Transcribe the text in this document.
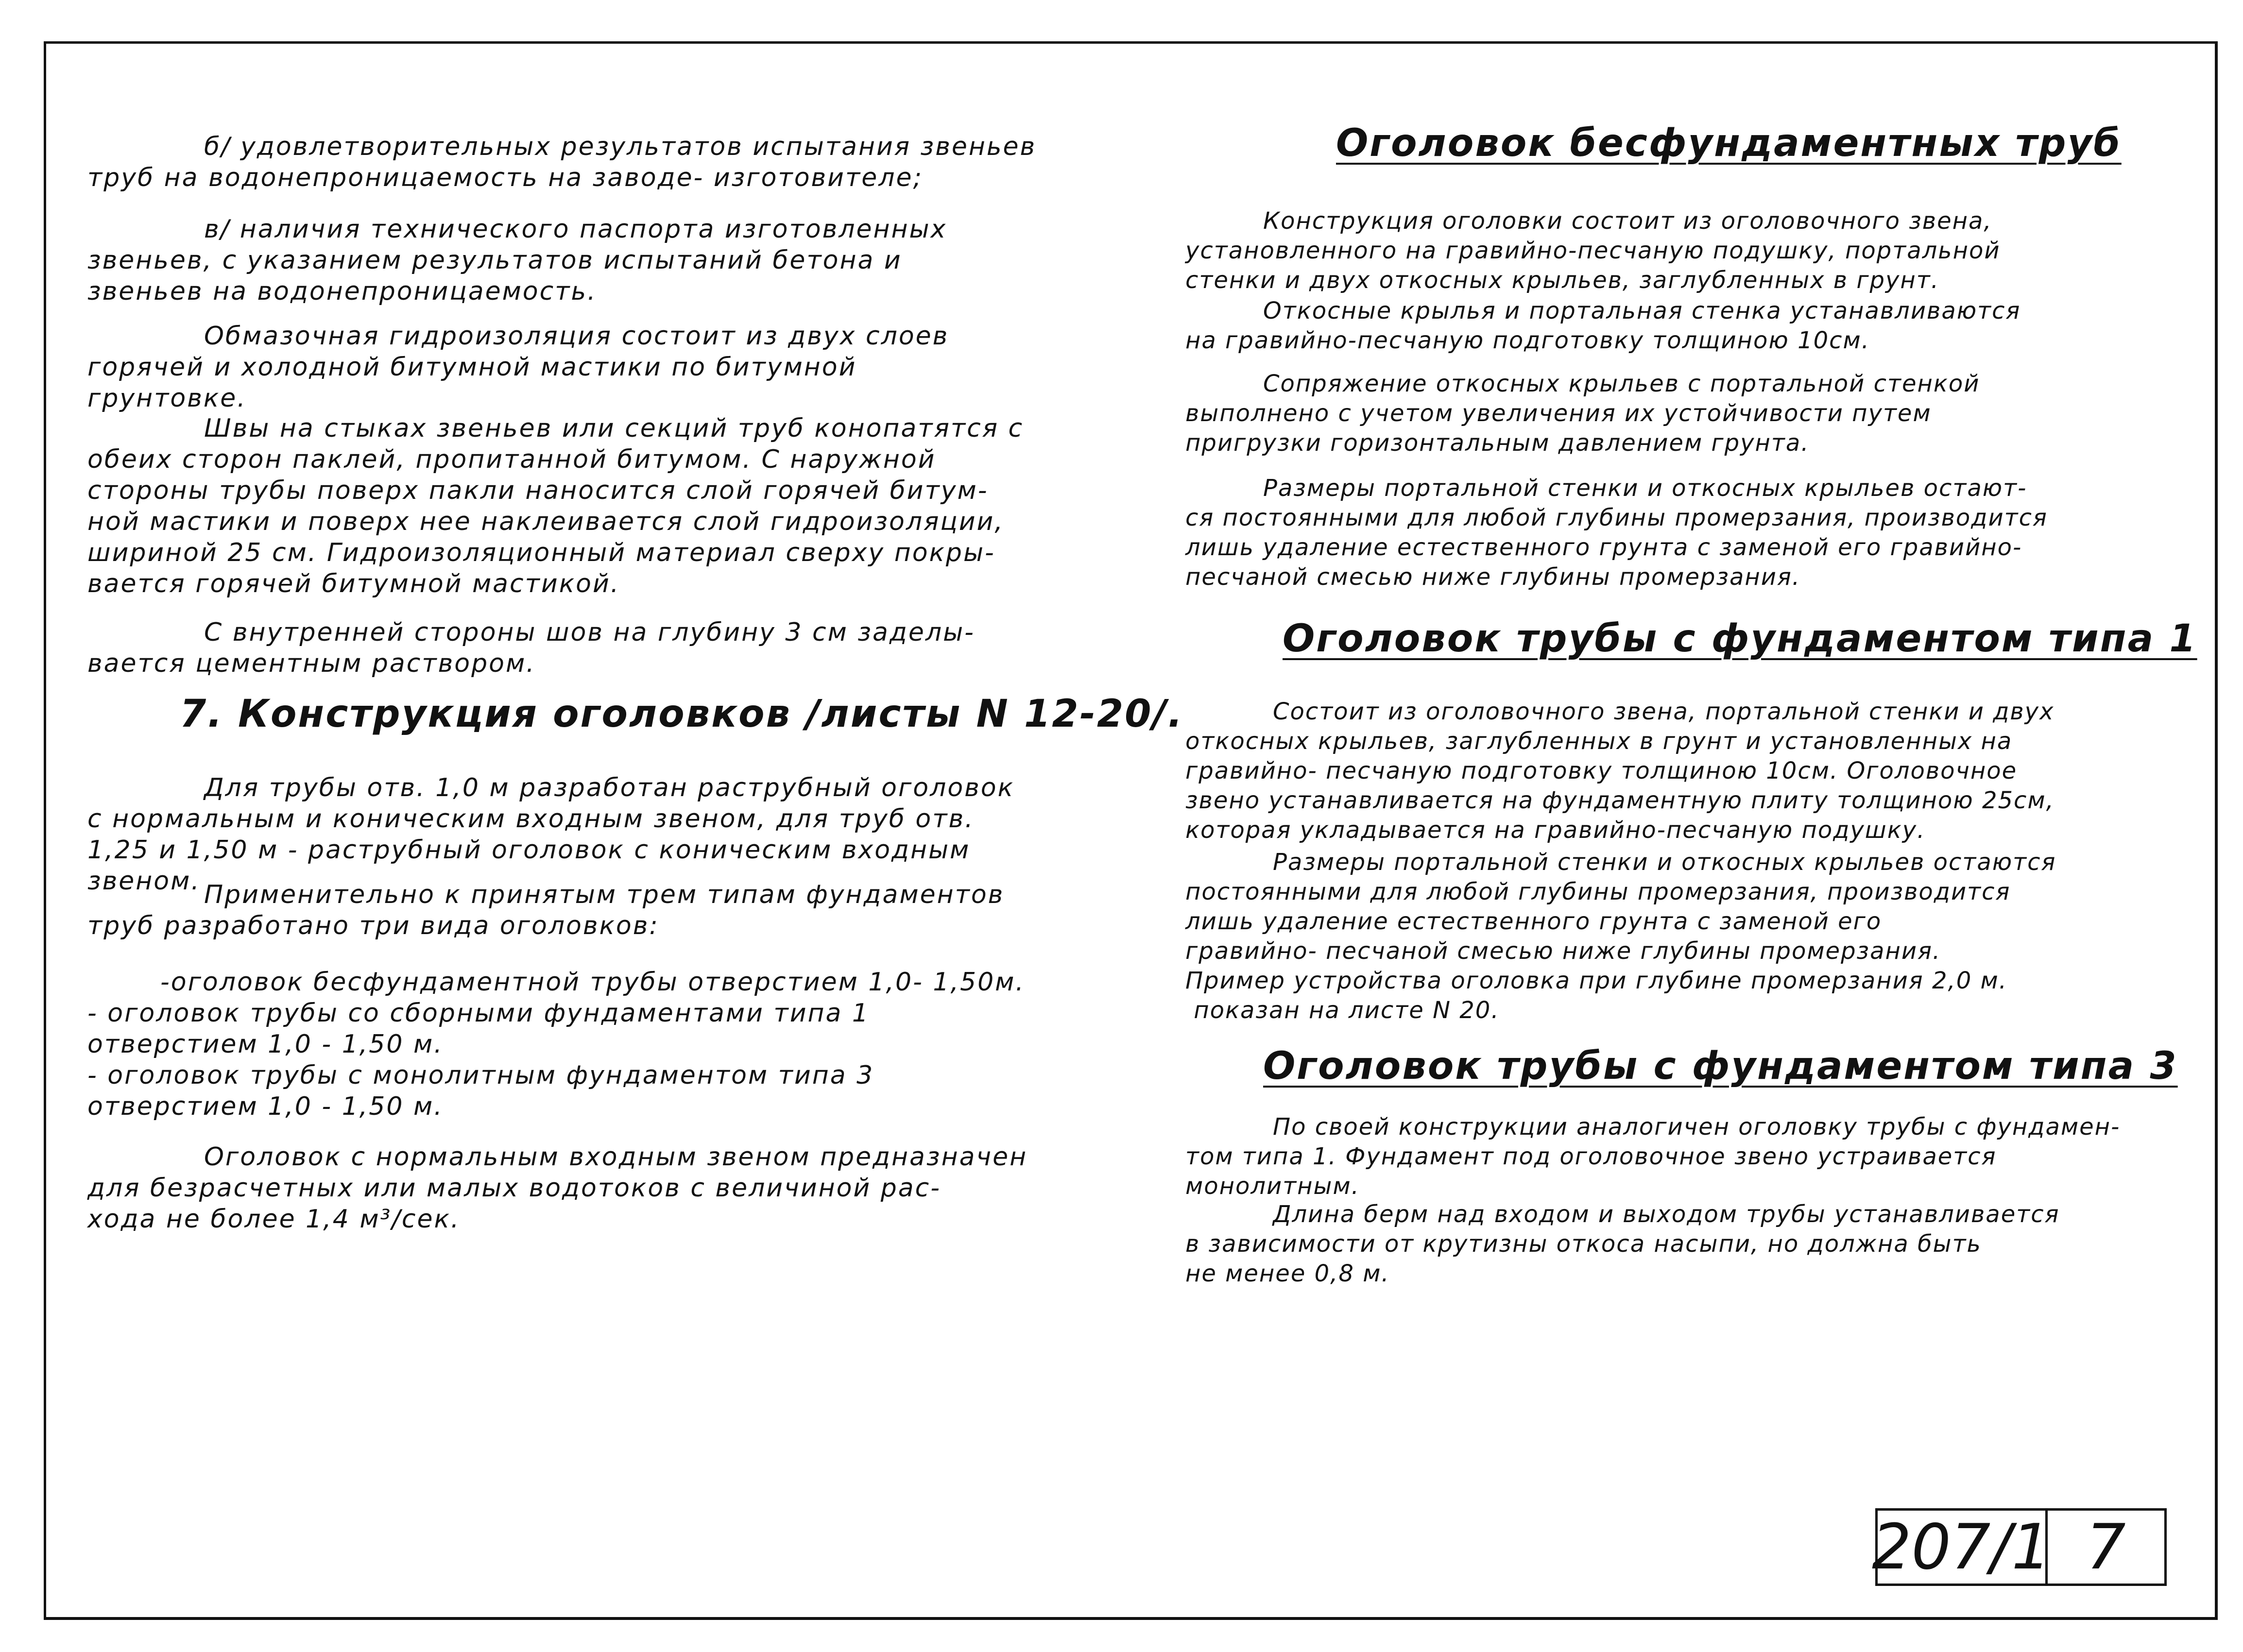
б/ удовлетворительных результатов испытания звеньев
труб на водонепроницаемость на заводе- изготовителе;

в/ наличия технического паспорта изготовленных
звеньев, с указанием результатов испытаний бетона и
звеньев на водонепроницаемость.

Обмазочная гидроизоляция состоит из двух слоев
горячей и холодной битумной мастики по битумной
грунтовке.

Швы на стыках звеньев или секций труб конопатятся с
обеих сторон паклей, пропитанной битумом. С наружной
стороны трубы поверх пакли наносится слой горячей битум-
ной мастики и поверх нее наклеивается слой гидроизоляции,
шириной 25 см. Гидроизоляционный материал сверху покры-
вается горячей битумной мастикой.

С внутренней стороны шов на глубину 3 см заделы-
вается цементным раствором.

7. Конструкция оголовков /листы N 12-20/.

Для трубы отв. 1,0 м разработан раструбный оголовок
с нормальным и коническим входным звеном, для труб отв.
1,25 и 1,50 м - раструбный оголовок с коническим входным
звеном. Применительно к принятым трем типам фундаментов
труб разработано три вида оголовков:

-оголовок бесфундаментной трубы отверстием 1,0- 1,50м.
- оголовок трубы со сборными фундаментами типа 1
отверстием 1,0 - 1,50 м.
- оголовок трубы с монолитным фундаментом типа 3
отверстием 1,0 - 1,50 м.

Оголовок с нормальным входным звеном предназначен
для безрасчетных или малых водотоков с величиной рас-
хода не более 1,4 м³/сек.

Оголовок бесфундаментных труб

Конструкция оголовки состоит из оголовочного звена,
установленного на гравийно-песчаную подушку, портальной
стенки и двух откосных крыльев, заглубленных в грунт.

Откосные крылья и портальная стенка устанавливаются
на гравийно-песчаную подготовку толщиною 10см.

Сопряжение откосных крыльев с портальной стенкой
выполнено с учетом увеличения их устойчивости путем
пригрузки горизонтальным давлением грунта.

Размеры портальной стенки и откосных крыльев остают-
ся постоянными для любой глубины промерзания, производится
лишь удаление естественного грунта с заменой его гравийно-
песчаной смесью ниже глубины промерзания.

Оголовок трубы с фундаментом типа 1

Состоит из оголовочного звена, портальной стенки и двух
откосных крыльев, заглубленных в грунт и установленных на
гравийно- песчаную подготовку толщиною 10см. Оголовочное
звено устанавливается на фундаментную плиту толщиною 25см,
которая укладывается на гравийно-песчаную подушку.

Размеры портальной стенки и откосных крыльев остаются
постоянными для любой глубины промерзания, производится
лишь удаление естественного грунта с заменой его
гравийно- песчаной смесью ниже глубины промерзания.
Пример устройства оголовка при глубине промерзания 2,0 м.
показан на листе N 20.

Оголовок трубы с фундаментом типа 3

По своей конструкции аналогичен оголовку трубы с фундамен-
том типа 1. Фундамент под оголовочное звено устраивается
монолитным.

Длина берм над входом и выходом трубы устанавливается
в зависимости от крутизны откоса насыпи, но должна быть
не менее 0,8 м.

207/1 7
